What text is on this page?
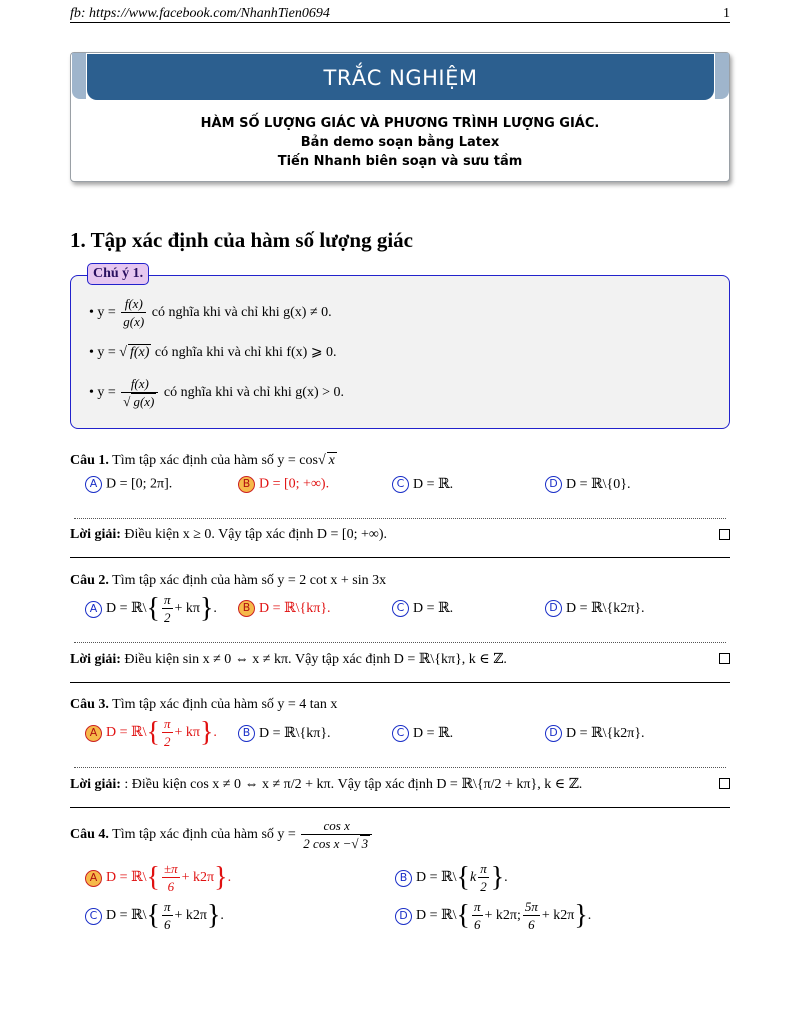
fb: https://www.facebook.com/NhanhTien0694	1
TRẮC NGHIỆM
HÀM SỐ LƯỢNG GIÁC VÀ PHƯƠNG TRÌNH LƯỢNG GIÁC.
Bản demo soạn bằng Latex
Tiến Nhanh biên soạn và sưu tầm
1. Tập xác định của hàm số lượng giác
• $y = \frac{f(x)}{g(x)}$ có nghĩa khi và chỉ khi g(x) ≠ 0.
• y = √ f(x) có nghĩa khi và chỉ khi f(x) ⩾ 0.
• $y = \frac{f(x)}{√ g(x)}$ có nghĩa khi và chỉ khi g(x) > 0.
Chú ý 1.
Câu 1. Tìm tập xác định của hàm số y = cos√ x
A D = [0; 2π].	B D = [0; +∞).	C D = ℝ.	D D = ℝ\{0}.
Lời giải: Điều kiện x ≥ 0. Vậy tập xác định D = [0; +∞).
Câu 2. Tìm tập xác định của hàm số y = 2 cot x + sin 3x
A D = ℝ\{ $\frac{\pi}{2} + k\pi$}.	B D = ℝ\{kπ}.	C D = ℝ.	D D = ℝ\{k2π}.
Lời giải: Điều kiện sin x ≠ 0 ⇔ x ≠ kπ. Vậy tập xác định D = ℝ\{kπ}, k ∈ ℤ.
Câu 3. Tìm tập xác định của hàm số y = 4 tan x
A D = ℝ\{ $\frac{\pi}{2} + k\pi$}.	B D = ℝ\{kπ}.	C D = ℝ.	D D = ℝ\{k2π}.
Lời giải: : Điều kiện cos x ≠ 0 ⇔ x ≠ π/2 + kπ. Vậy tập xác định D = ℝ\{π/2 + kπ}, k ∈ ℤ.
Câu 4. Tìm tập xác định của hàm số $y = \frac{\text{cos x}}{\text{2 cos x −√ 3}}$
A D = ℝ\{ $\frac{\pm\pi}{6} + k2\pi$}.	B D = ℝ\{k $\frac{\pi}{2}$ }.
C D = ℝ\{ $\frac{\pi}{6} + k2\pi$}.	D D = ℝ\{ $\frac{\pi}{6} + k2\pi$; $\frac{5\pi}{6} + k2\pi$}.
